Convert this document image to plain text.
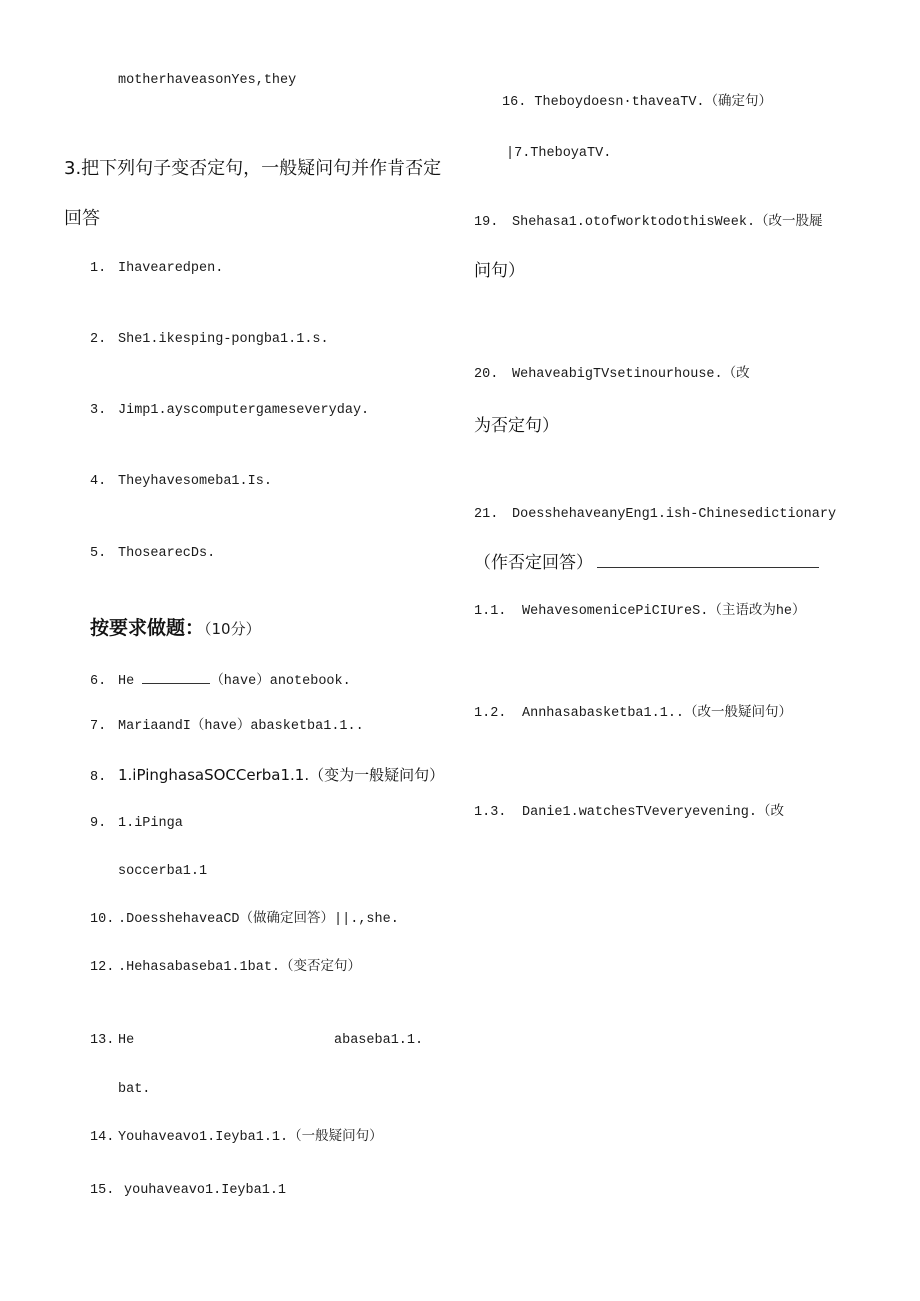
motherhaveasonYes,they
3.把下列句子变否定句，一般疑问句并作肯否定
回答
1. Ihavearedpen.
2. She1.ikesping-pongba1.1.s.
3. Jimp1.ayscomputergameseveryday.
4. Theyhavesomeba1.Is.
5. ThosearecDs.
按要求做题：（10分）
6. He	（have）anotebook.
7. MariaandI（have）abasketba1.1..
8. 1.iPinghasaSOCCerba1.1.（变为一般疑问句）
9. 1.iPinga
soccerba1.1
10. .DoesshehaveaCD（做确定回答）||.,she.
12. .Hehasabaseba1.1bat.（变否定句）
13. He	abaseba1.1.
bat.
14. Youhaveavo1.Ieyba1.1.（一般疑问句）
15. youhaveavo1.Ieyba1.1
16. Theboydoesn·thaveaTV.（确定句）
|7.TheboyaTV.
19. Shehasa1.otofworktodothisWeek.（改一股屣
问句）
20. WehaveabigTVsetinourhouse.（改
为否定句）
21. DoesshehaveanyEng1.ish-Chinesedictionary
（作否定回答）
1.1. WehavesomenicePiCIUreS.（主语改为he）
1.2. Annhasabasketba1.1..（改一般疑问句）
1.3. Danie1.watchesTVeveryevening.（改
